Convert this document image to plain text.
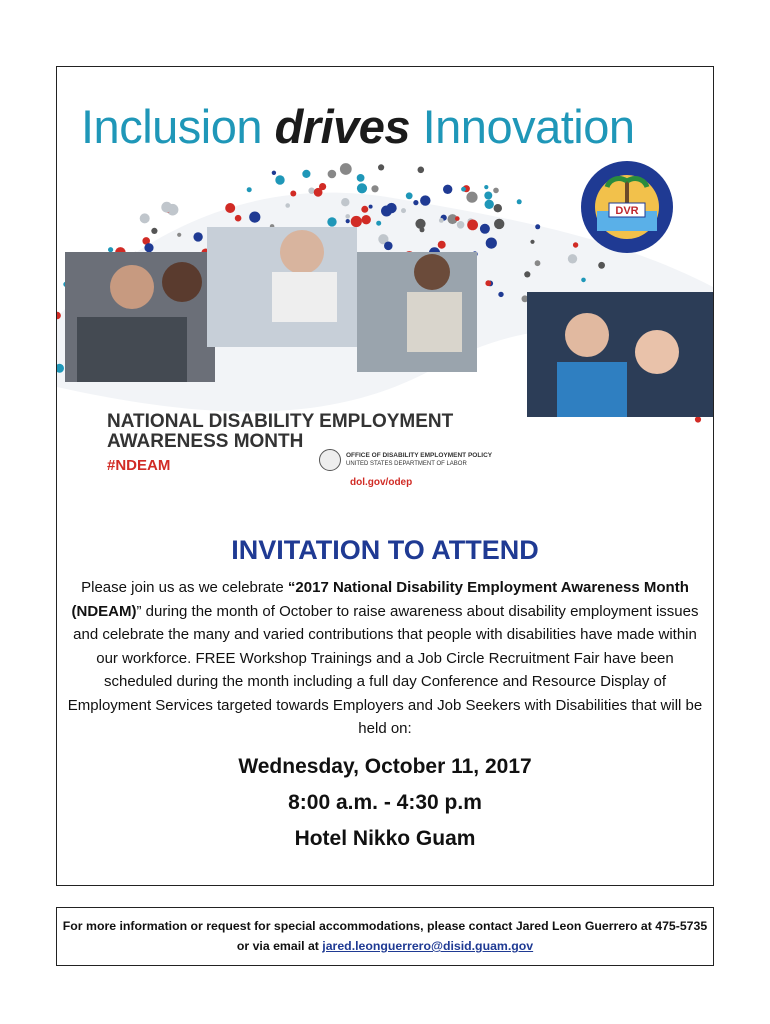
Inclusion drives Innovation
DVR
NATIONAL DISABILITY EMPLOYMENT
AWARENESS MONTH
#NDEAM
OFFICE OF DISABILITY EMPLOYMENT POLICY
UNITED STATES DEPARTMENT OF LABOR
dol.gov/odep
INVITATION TO ATTEND

Please join us as we celebrate “2017 National Disability Employment Awareness Month (NDEAM)” during the month of October to raise awareness about disability employment issues and celebrate the many and varied contributions that people with disabilities have made within our workforce. FREE Workshop Trainings and a Job Circle Recruitment Fair have been scheduled during the month including a full day Conference and Resource Display of Employment Services targeted towards Employers and Job Seekers with Disabilities that will be held on:

Wednesday, October 11, 2017

8:00 a.m. - 4:30 p.m

Hotel Nikko Guam

For more information or request for special accommodations, please contact Jared Leon Guerrero at 475-5735 or via email at jared.leonguerrero@disid.guam.gov
